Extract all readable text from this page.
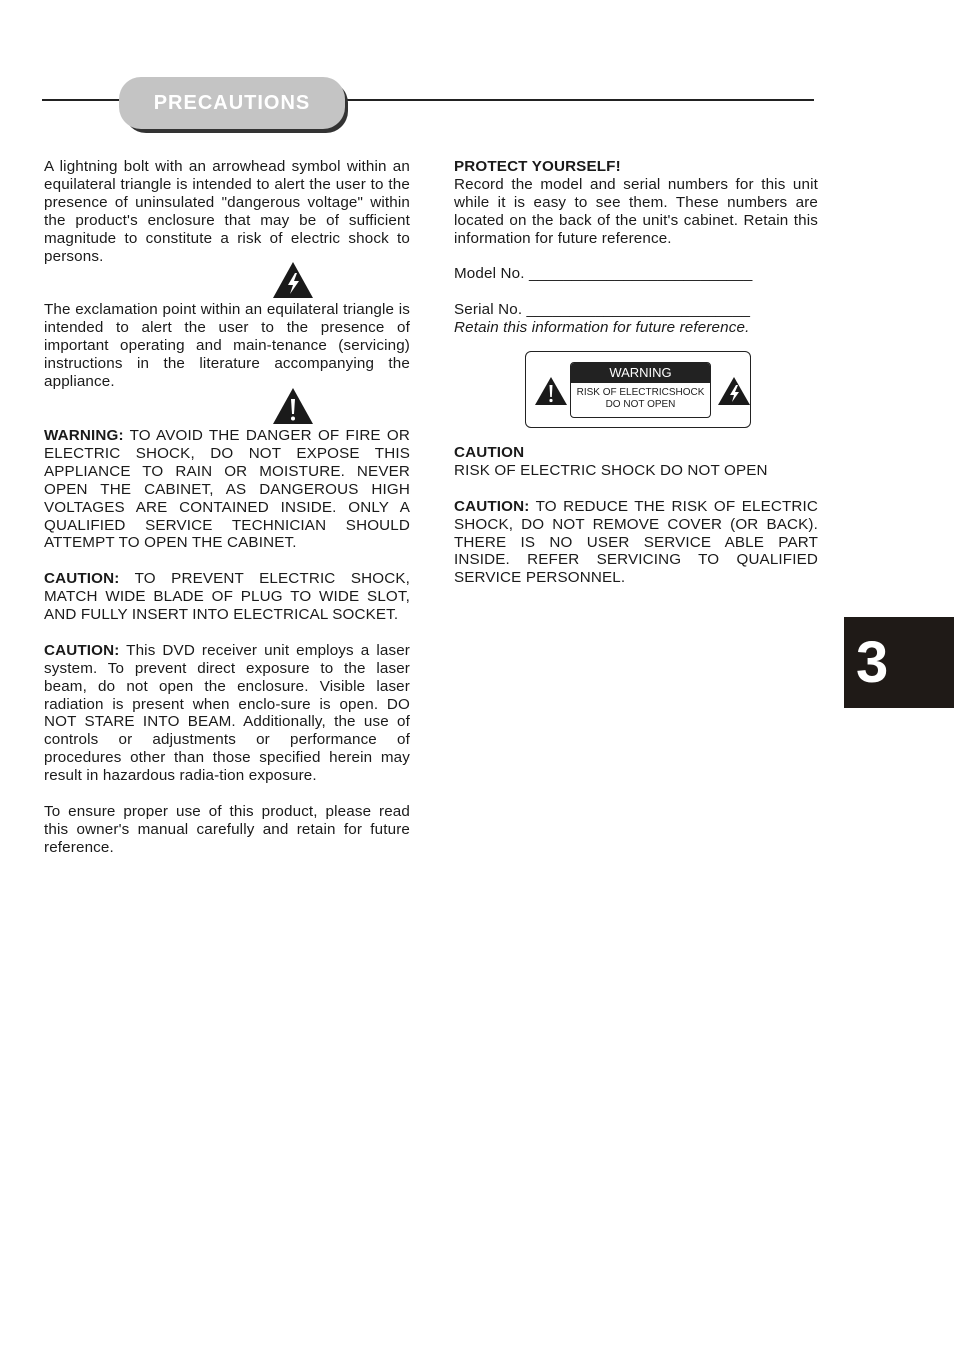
PRECAUTIONS

A lightning bolt with an arrowhead symbol within an equilateral triangle is intended to alert the user to the presence of uninsulated "dangerous voltage" within the product's enclosure that may be of sufficient magnitude to constitute a risk of electric shock to persons.

The exclamation point within an equilateral triangle is intended to alert the user to the presence of important operating and main-tenance (servicing) instructions in the literature accompanying the appliance.

WARNING: TO AVOID THE DANGER OF FIRE OR ELECTRIC SHOCK, DO NOT EXPOSE THIS APPLIANCE TO RAIN OR MOISTURE. NEVER OPEN THE CABINET, AS DANGEROUS HIGH VOLTAGES ARE CONTAINED INSIDE. ONLY A QUALIFIED SERVICE TECHNICIAN SHOULD ATTEMPT TO OPEN THE CABINET.

CAUTION: TO PREVENT ELECTRIC SHOCK, MATCH WIDE BLADE OF PLUG TO WIDE SLOT, AND FULLY INSERT INTO ELECTRICAL SOCKET.

CAUTION: This DVD receiver unit employs a laser system. To prevent direct exposure to the laser beam, do not open the enclosure. Visible laser radiation is present when enclo-sure is open. DO NOT STARE INTO BEAM. Additionally, the use of controls or adjustments or performance of procedures other than those specified herein may result in hazardous radia-tion exposure.

To ensure proper use of this product, please read this owner's manual carefully and retain for future reference.

PROTECT YOURSELF!

Record the model and serial numbers for this unit while it is easy to see them. These numbers are located on the back of the unit's cabinet. Retain this information for future reference.

Model No. __________________________

Serial No. __________________________

Retain this information for future reference.

WARNING
RISK OF ELECTRICSHOCK
DO NOT OPEN

CAUTION

RISK OF ELECTRIC SHOCK DO NOT OPEN

CAUTION: TO REDUCE THE RISK OF ELECTRIC SHOCK, DO NOT REMOVE COVER (OR BACK). THERE IS NO USER SERVICE ABLE PART INSIDE. REFER SERVICING TO QUALIFIED SERVICE PERSONNEL.

3
